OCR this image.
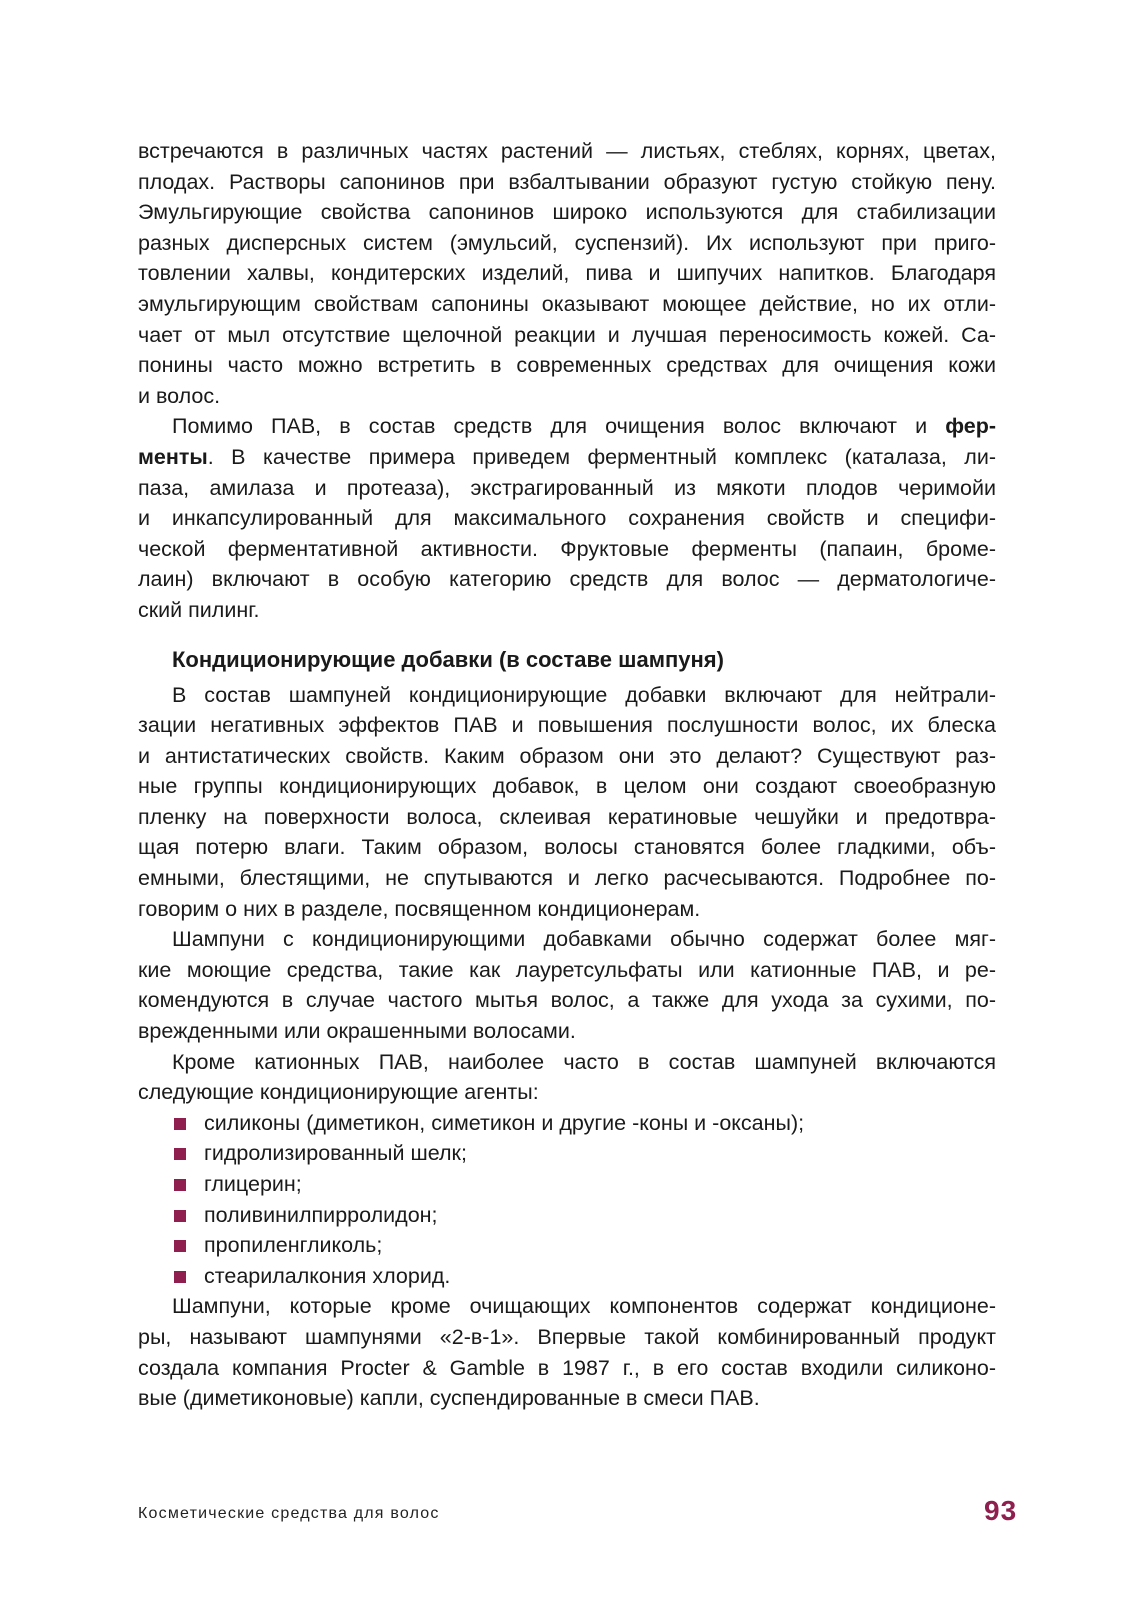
встречаются в различных частях растений — листьях, стеблях, корнях, цветах,
плодах. Растворы сапонинов при взбалтывании образуют густую стойкую пену.
Эмульгирующие свойства сапонинов широко используются для стабилизации
разных дисперсных систем (эмульсий, суспензий). Их используют при приго-
товлении халвы, кондитерских изделий, пива и шипучих напитков. Благодаря
эмульгирующим свойствам сапонины оказывают моющее действие, но их отли-
чает от мыл отсутствие щелочной реакции и лучшая переносимость кожей. Са-
понины часто можно встретить в современных средствах для очищения кожи
и волос.
Помимо ПАВ, в состав средств для очищения волос включают и фер-
менты. В качестве примера приведем ферментный комплекс (каталаза, ли-
паза, амилаза и протеаза), экстрагированный из мякоти плодов черимойи
и инкапсулированный для максимального сохранения свойств и специфи-
ческой ферментативной активности. Фруктовые ферменты (папаин, броме-
лаин) включают в особую категорию средств для волос — дерматологиче-
ский пилинг.
Кондиционирующие добавки (в составе шампуня)
В состав шампуней кондиционирующие добавки включают для нейтрали-
зации негативных эффектов ПАВ и повышения послушности волос, их блеска
и антистатических свойств. Каким образом они это делают? Существуют раз-
ные группы кондиционирующих добавок, в целом они создают своеобразную
пленку на поверхности волоса, склеивая кератиновые чешуйки и предотвра-
щая потерю влаги. Таким образом, волосы становятся более гладкими, объ-
емными, блестящими, не спутываются и легко расчесываются. Подробнее по-
говорим о них в разделе, посвященном кондиционерам.
Шампуни с кондиционирующими добавками обычно содержат более мяг-
кие моющие средства, такие как лауретсульфаты или катионные ПАВ, и ре-
комендуются в случае частого мытья волос, а также для ухода за сухими, по-
врежденными или окрашенными волосами.
Кроме катионных ПАВ, наиболее часто в состав шампуней включаются
следующие кондиционирующие агенты:
силиконы (диметикон, симетикон и другие -коны и -оксаны);
гидролизированный шелк;
глицерин;
поливинилпирролидон;
пропиленгликоль;
стеарилалкония хлорид.
Шампуни, которые кроме очищающих компонентов содержат кондиционе-
ры, называют шампунями «2-в-1». Впервые такой комбинированный продукт
создала компания Procter & Gamble в 1987 г., в его состав входили силиконо-
вые (диметиконовые) капли, суспендированные в смеси ПАВ.
Косметические средства для волос	93
